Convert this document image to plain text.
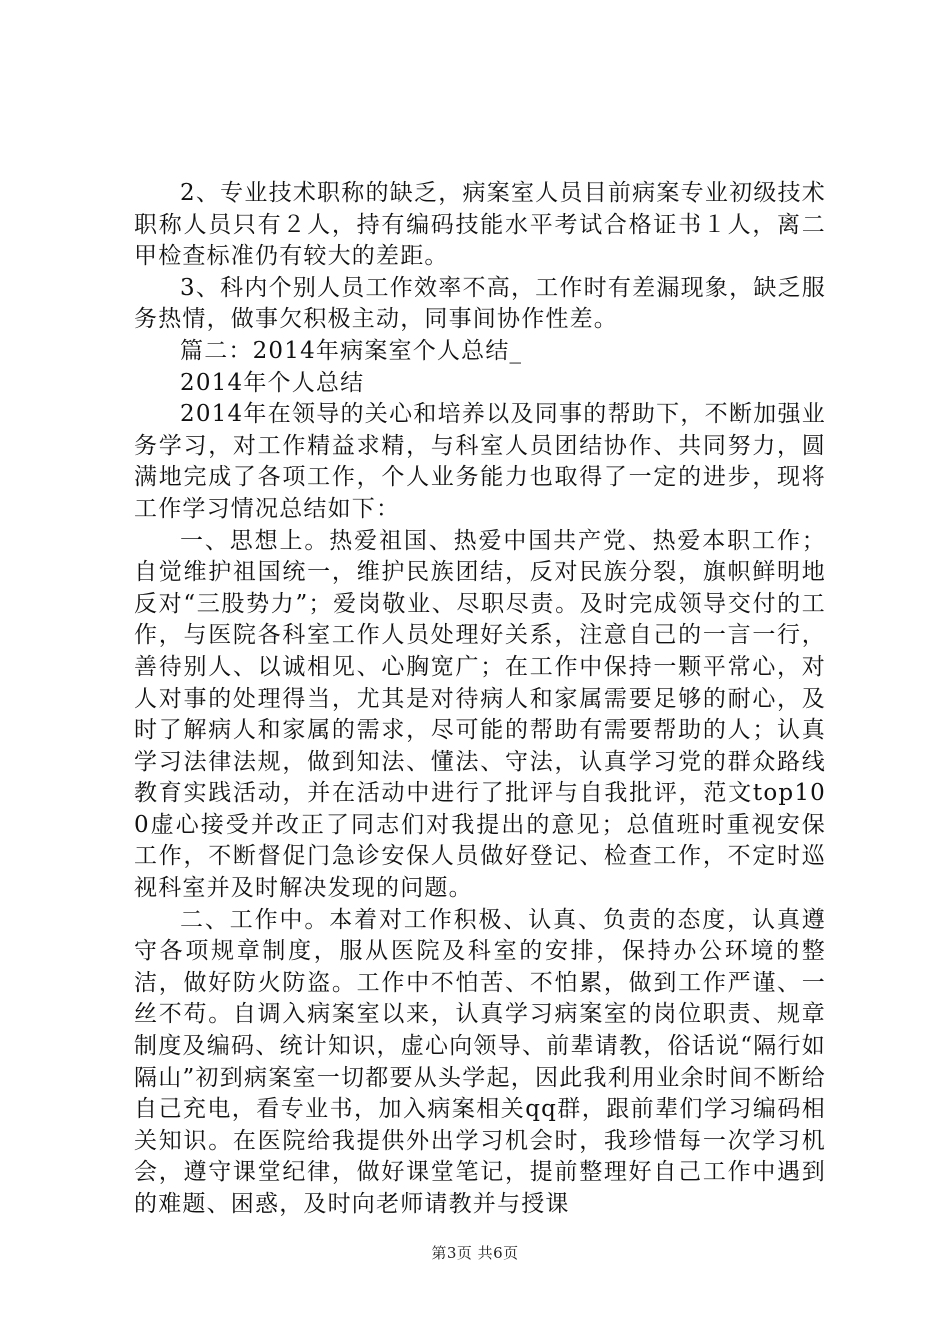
2、专业技术职称的缺乏，病案室人员目前病案专业初级技术职称人员只有２人，持有编码技能水平考试合格证书１人，离二甲检查标准仍有较大的差距。

3、科内个别人员工作效率不高，工作时有差漏现象，缺乏服务热情，做事欠积极主动，同事间协作性差。

篇二：2014年病案室个人总结_

2014年个人总结

2014年在领导的关心和培养以及同事的帮助下，不断加强业务学习，对工作精益求精，与科室人员团结协作、共同努力，圆满地完成了各项工作，个人业务能力也取得了一定的进步，现将工作学习情况总结如下：

一、思想上。热爱祖国、热爱中国共产党、热爱本职工作；自觉维护祖国统一，维护民族团结，反对民族分裂，旗帜鲜明地反对“三股势力”；爱岗敬业、尽职尽责。及时完成领导交付的工作，与医院各科室工作人员处理好关系，注意自己的一言一行，善待别人、以诚相见、心胸宽广；在工作中保持一颗平常心，对人对事的处理得当，尤其是对待病人和家属需要足够的耐心，及时了解病人和家属的需求，尽可能的帮助有需要帮助的人；认真学习法律法规，做到知法、懂法、守法，认真学习党的群众路线教育实践活动，并在活动中进行了批评与自我批评，范文top100虚心接受并改正了同志们对我提出的意见；总值班时重视安保工作，不断督促门急诊安保人员做好登记、检查工作，不定时巡视科室并及时解决发现的问题。

二、工作中。本着对工作积极、认真、负责的态度，认真遵守各项规章制度，服从医院及科室的安排，保持办公环境的整洁，做好防火防盗。工作中不怕苦、不怕累，做到工作严谨、一丝不苟。自调入病案室以来，认真学习病案室的岗位职责、规章制度及编码、统计知识，虚心向领导、前辈请教，俗话说“隔行如隔山”初到病案室一切都要从头学起，因此我利用业余时间不断给自己充电，看专业书，加入病案相关qq群，跟前辈们学习编码相关知识。在医院给我提供外出学习机会时，我珍惜每一次学习机会，遵守课堂纪律，做好课堂笔记，提前整理好自己工作中遇到的难题、困惑，及时向老师请教并与授课

第3页 共6页
